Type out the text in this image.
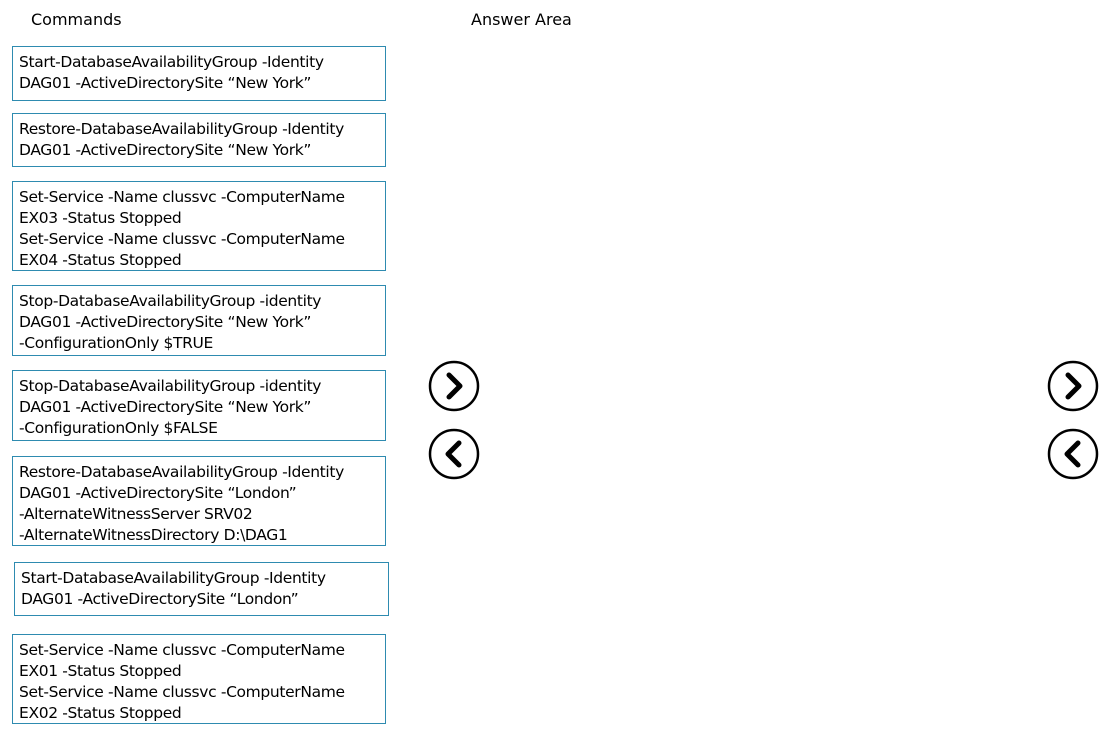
Commands	Answer Area
Start-DatabaseAvailabilityGroup -Identity
DAG01 -ActiveDirectorySite “New York”
Restore-DatabaseAvailabilityGroup -Identity
DAG01 -ActiveDirectorySite “New York”
Set-Service -Name clussvc -ComputerName
EX03 -Status Stopped
Set-Service -Name clussvc -ComputerName
EX04 -Status Stopped
Stop-DatabaseAvailabilityGroup -identity
DAG01 -ActiveDirectorySite “New York”
-ConfigurationOnly $TRUE
Stop-DatabaseAvailabilityGroup -identity
DAG01 -ActiveDirectorySite “New York”
-ConfigurationOnly $FALSE
Restore-DatabaseAvailabilityGroup -Identity
DAG01 -ActiveDirectorySite “London”
-AlternateWitnessServer SRV02
-AlternateWitnessDirectory D:\DAG1
Start-DatabaseAvailabilityGroup -Identity
DAG01 -ActiveDirectorySite “London”
Set-Service -Name clussvc -ComputerName
EX01 -Status Stopped
Set-Service -Name clussvc -ComputerName
EX02 -Status Stopped
